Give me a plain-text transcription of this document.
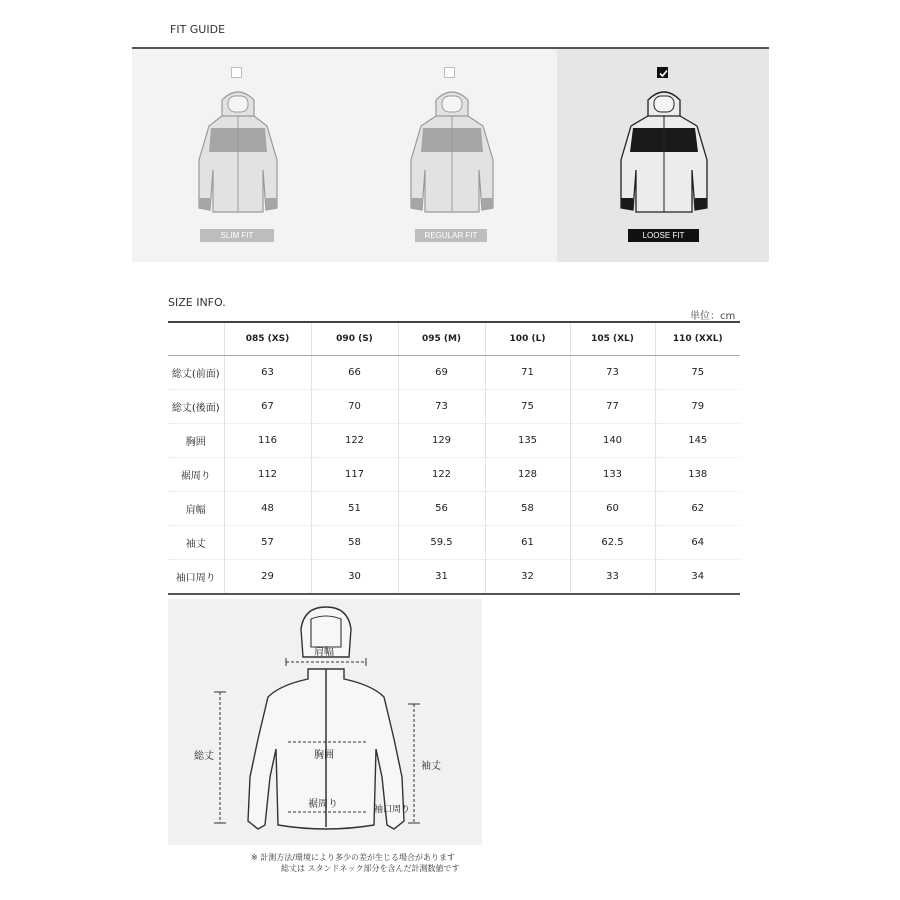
FIT GUIDE
SLIM FIT	REGULAR FIT	LOOSE FIT
SIZE INFO.
単位：cm
	085 (XS)	090 (S)	095 (M)	100 (L)	105 (XL)	110 (XXL)
総丈(前面)	63	66	69	71	73	75
総丈(後面)	67	70	73	75	77	79
胸囲	116	122	129	135	140	145
裾周り	112	117	122	128	133	138
肩幅	48	51	56	58	60	62
袖丈	57	58	59.5	61	62.5	64
袖口周り	29	30	31	32	33	34
肩幅
総丈	胸囲
袖丈
裾周り	袖口周り
※ 計測方法/環境により多少の差が生じる場合があります
総丈は スタンドネック部分を含んだ計測数値です
